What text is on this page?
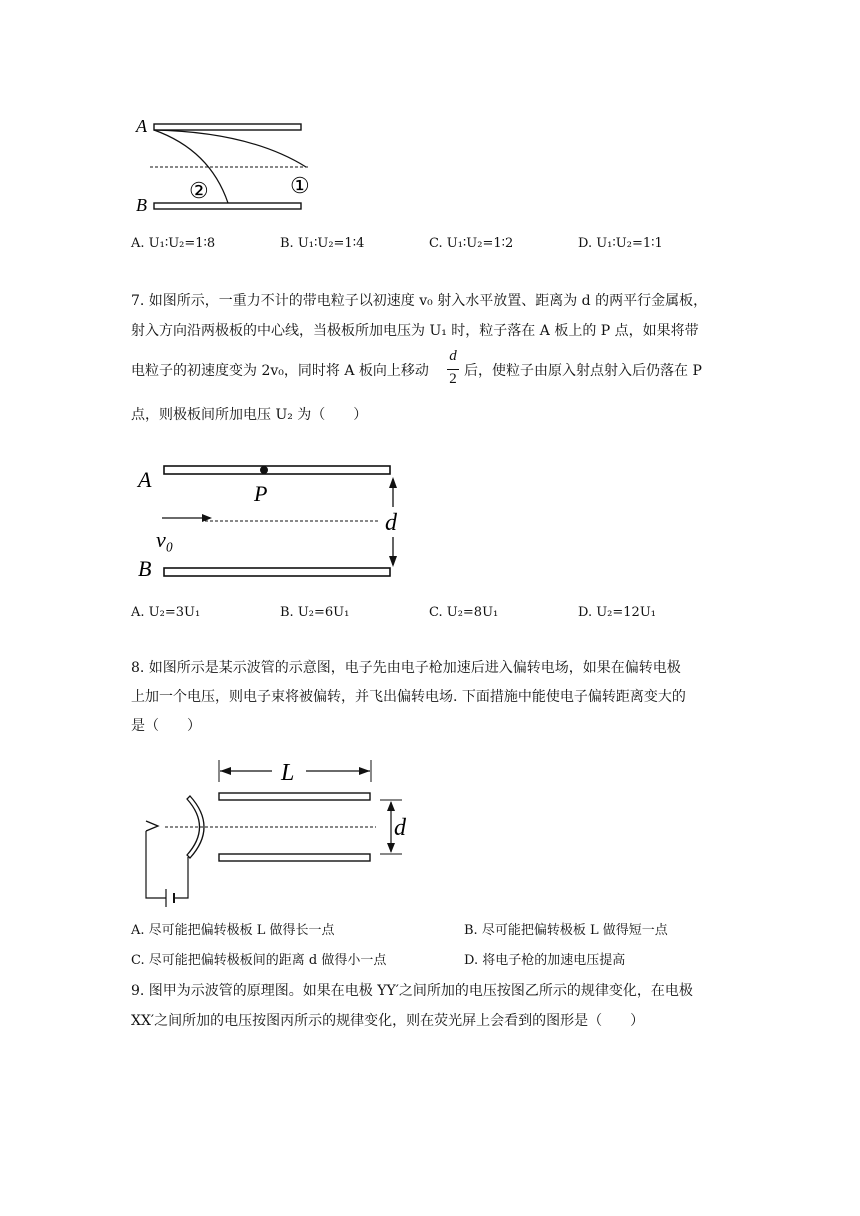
A
B
①
②
A. U₁∶U₂=1∶8	B. U₁∶U₂=1∶4	C. U₁∶U₂=1∶2	D. U₁∶U₂=1∶1
7. 如图所示，一重力不计的带电粒子以初速度 v₀ 射入水平放置、距离为 d 的两平行金属板，
射入方向沿两极板的中心线，当极板所加电压为 U₁ 时，粒子落在 A 板上的 P 点，如果将带
电粒子的初速度变为 2v₀，同时将 A 板向上移动
d
2 后，使粒子由原入射点射入后仍落在 P
点，则极板间所加电压 U₂ 为（　　）
A
B
P
v₀
d
A. U₂=3U₁	B. U₂=6U₁	C. U₂=8U₁	D. U₂=12U₁
8. 如图所示是某示波管的示意图，电子先由电子枪加速后进入偏转电场，如果在偏转电极
上加一个电压，则电子束将被偏转，并飞出偏转电场. 下面措施中能使电子偏转距离变大的
是（　　）
L
d
A. 尽可能把偏转极板 L 做得长一点	B. 尽可能把偏转极板 L 做得短一点
C. 尽可能把偏转极板间的距离 d 做得小一点	D. 将电子枪的加速电压提高
9. 图甲为示波管的原理图。如果在电极 YY′之间所加的电压按图乙所示的规律变化，在电极
XX′之间所加的电压按图丙所示的规律变化，则在荧光屏上会看到的图形是（　　）
